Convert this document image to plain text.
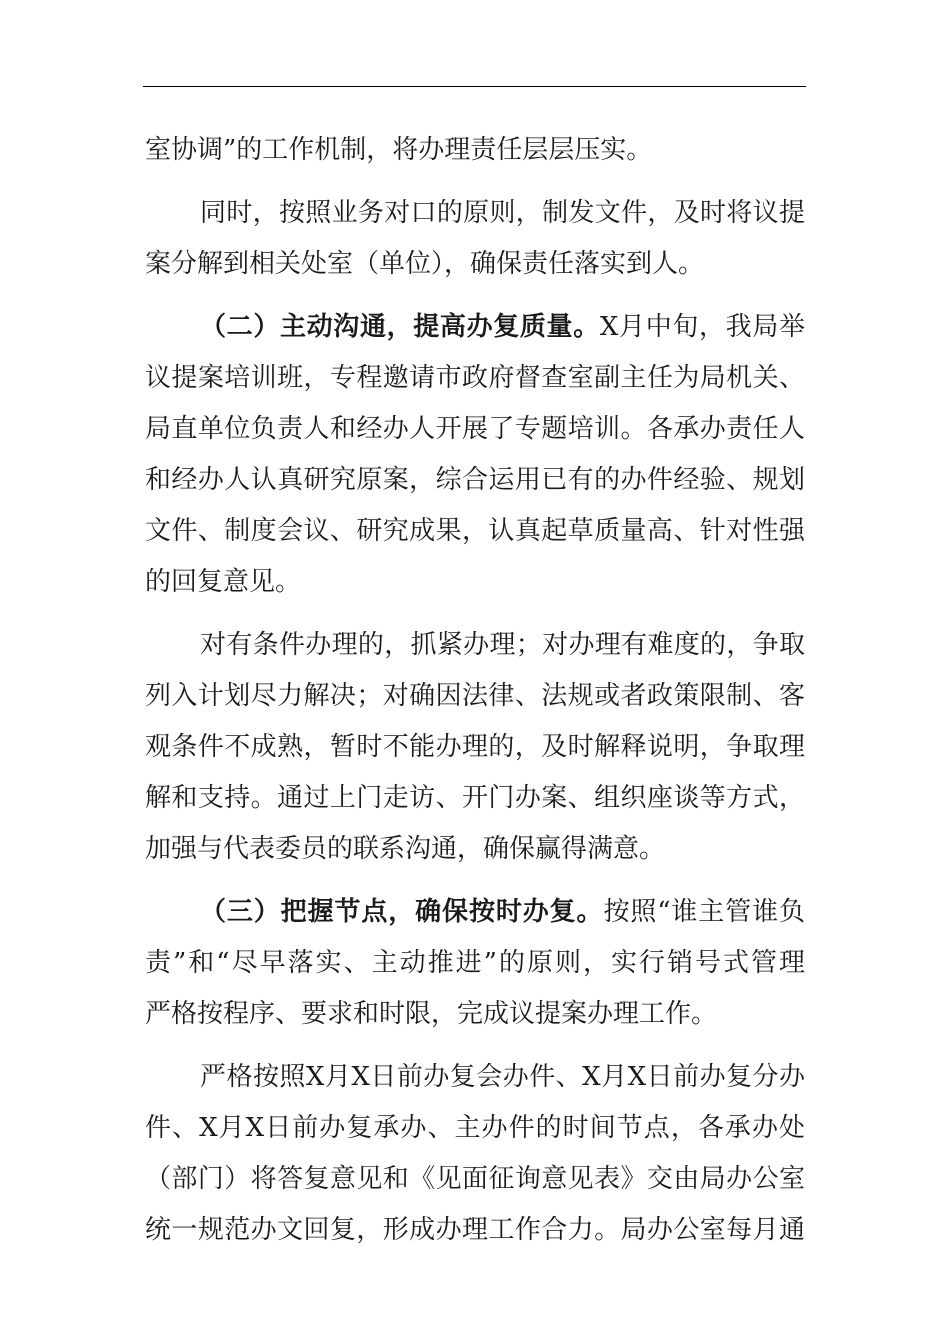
室协调”的工作机制，将办理责任层层压实。
同时，按照业务对口的原则，制发文件，及时将议提
案分解到相关处室（单位），确保责任落实到人。
（二）主动沟通，提高办复质量。X月中旬，我局举
议提案培训班，专程邀请市政府督查室副主任为局机关、
局直单位负责人和经办人开展了专题培训。各承办责任人
和经办人认真研究原案，综合运用已有的办件经验、规划
文件、制度会议、研究成果，认真起草质量高、针对性强
的回复意见。
对有条件办理的，抓紧办理；对办理有难度的，争取
列入计划尽力解决；对确因法律、法规或者政策限制、客
观条件不成熟，暂时不能办理的，及时解释说明，争取理
解和支持。通过上门走访、开门办案、组织座谈等方式，
加强与代表委员的联系沟通，确保赢得满意。
（三）把握节点，确保按时办复。按照“谁主管谁负
责”和“尽早落实、主动推进”的原则，实行销号式管理
严格按程序、要求和时限，完成议提案办理工作。
严格按照X月X日前办复会办件、X月X日前办复分办
件、X月X日前办复承办、主办件的时间节点，各承办处
（部门）将答复意见和《见面征询意见表》交由局办公室
统一规范办文回复，形成办理工作合力。局办公室每月通
